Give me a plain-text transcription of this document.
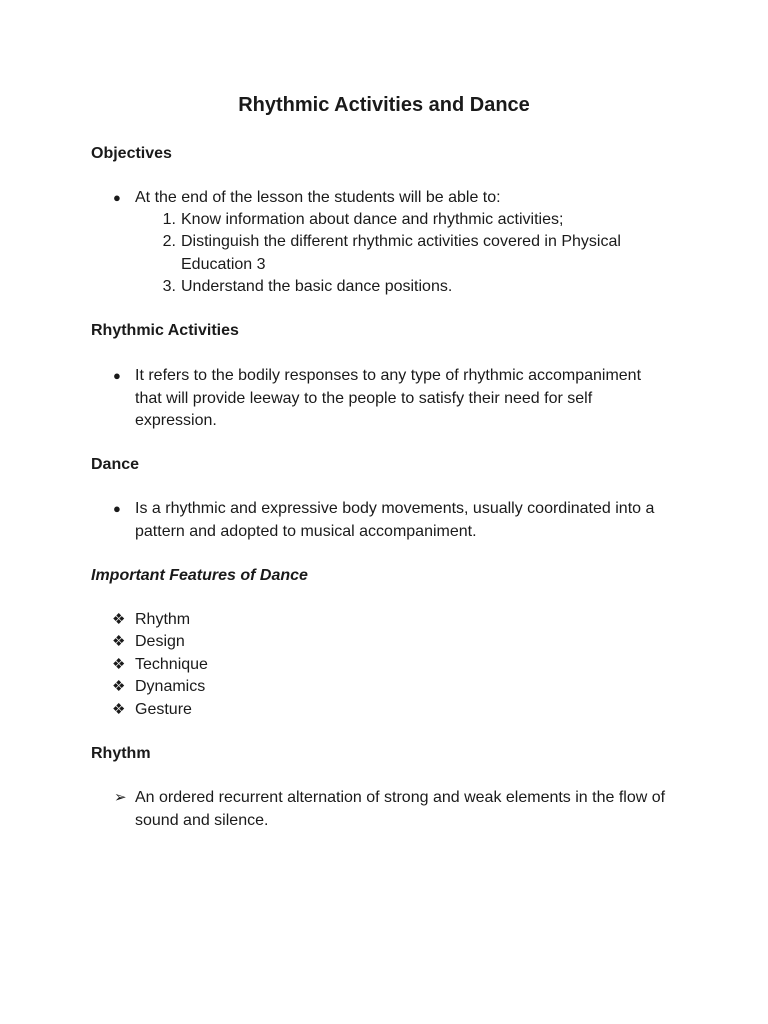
Rhythmic Activities and Dance
Objectives
● At the end of the lesson the students will be able to:
1. Know information about dance and rhythmic activities;
2. Distinguish the different rhythmic activities covered in Physical Education 3
3. Understand the basic dance positions.
Rhythmic Activities
● It refers to the bodily responses to any type of rhythmic accompaniment that will provide leeway to the people to satisfy their need for self expression.
Dance
● Is a rhythmic and expressive body movements, usually coordinated into a pattern and adopted to musical accompaniment.
Important Features of Dance
❖ Rhythm
❖ Design
❖ Technique
❖ Dynamics
❖ Gesture
Rhythm
➢ An ordered recurrent alternation of strong and weak elements in the flow of sound and silence.
